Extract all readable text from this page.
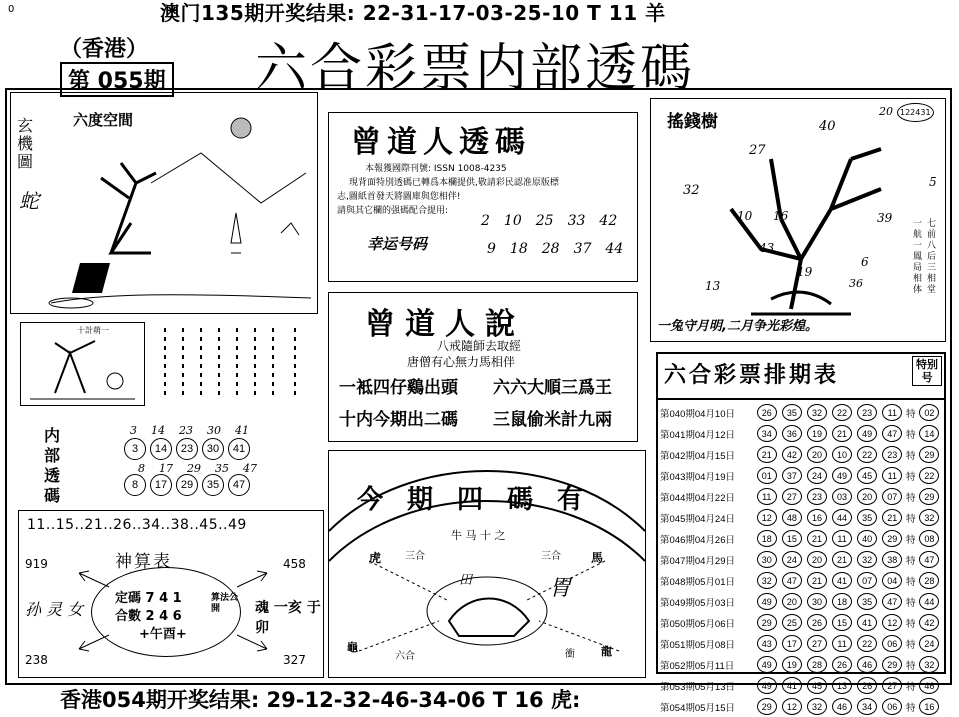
澳门135期开奖结果: 22-31-17-03-25-10 T 11 羊
0
（香港）
第 055期 六合彩票内部透碼
玄機圖
六度空間
蛇
十計萌一
内部透碼
3 14 23 30 41
3	14	23	30	41
8 17 29 35 47
8	17	29	35	47
11..15..21..26..34..38..45..49
神算表
919	458
238	327
定碼 7 4 1
合數 2 4 6
+午酉+
算法公開
孙 灵 女	魂 一亥 于卯
曾道人透碼
本報獲國際刊號: ISSN 1008-4235
現背面特別透碼已轉爲本欄提供,敬請彩民認准原版標
志,圖紙首發天將圖庫與您相伴!
請與其它欄的强碼配合提用:
2 10 25 33 42
幸运号码	9 18 28 37 44
曾道人說
八戒隨師去取經
唐僧有心無力馬相伴
一袛四仔鷄出頭 六六大順三爲王
十内今期出二碼 三鼠偷米計九兩
今期四碼有
牛 马 十 之
虎 三合	三合	馬
田	胃
龜
六合	衝 龍
搖錢樹	122431
一航一鳳局相体
七前八后三相堂
20
40
27
32
39
10 16
43
6
19
13	36
5
一兔守月明,二月争光彩煌。
六合彩票排期表	特别号
第040期04月10日	26	35	32	22	23	11	特	02
第041期04月12日	34	36	19	21	49	47	特	14
第042期04月15日	21	42	20	10	22	23	特	29
第043期04月19日	01	37	24	49	45	11	特	22
第044期04月22日	11	27	23	03	20	07	特	29
第045期04月24日	12	48	16	44	35	21	特	32
第046期04月26日	18	15	21	11	40	29	特	08
第047期04月29日	30	24	20	21	32	38	特	47
第048期05月01日	32	47	21	41	07	04	特	28
第049期05月03日	49	20	30	18	35	47	特	44
第050期05月06日	29	25	26	15	41	12	特	42
第051期05月08日	43	17	27	11	22	06	特	24
第052期05月11日	49	19	28	26	46	29	特	32
第053期05月13日	49	41	45	13	26	27	特	46
第054期05月15日	29	12	32	46	34	06	特	16
香港054期开奖结果: 29-12-32-46-34-06 T 16 虎:
